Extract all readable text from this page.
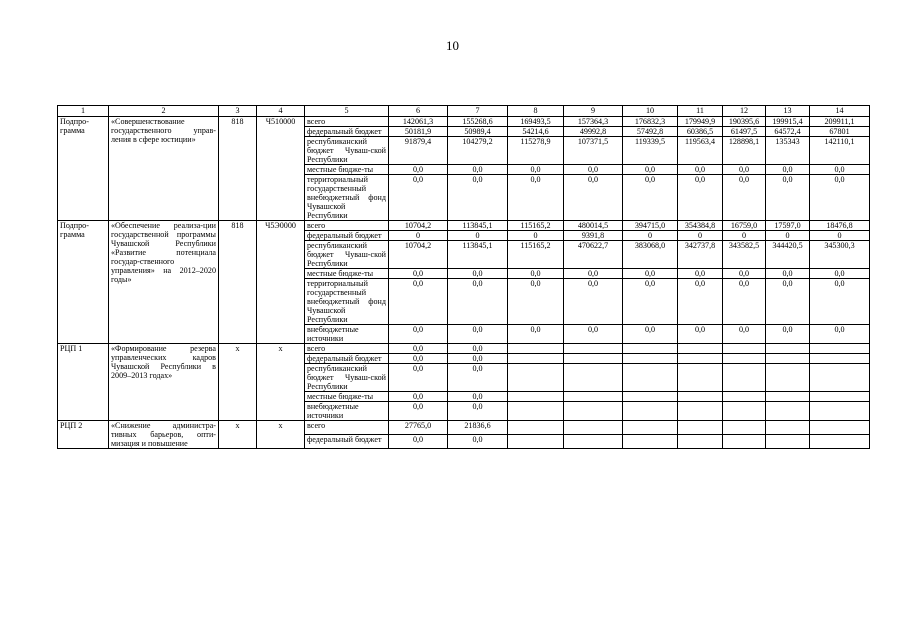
10
1	2	3	4	5	6	7	8	9	10	11	12	13	14
Подпро-грамма	«Совершенствование государственного управ-ления в сфере юстиции»	818	Ч510000	всего	142061,3	155268,6	169493,5	157364,3	176832,3	179949,9	190395,6	199915,4	209911,1
				федеральный бюджет	50181,9	50989,4	54214,6	49992,8	57492,8	60386,5	61497,5	64572,4	67801
				республиканский бюджет Чуваш-ской Республики	91879,4	104279,2	115278,9	107371,5	119339,5	119563,4	128898,1	135343	142110,1
				местные бюдже-ты	0,0	0,0	0,0	0,0	0,0	0,0	0,0	0,0	0,0
				территориальный государственный внебюджетный фонд Чувашской Республики	0,0	0,0	0,0	0,0	0,0	0,0	0,0	0,0	0,0
Подпро-грамма	«Обеспечение реализа-ции государственной программы Чувашской Республики «Развитие потенциала государ-ственного управления» на 2012–2020 годы»	818	Ч5Э0000	всего	10704,2	113845,1	115165,2	480014,5	394715,0	354384,8	16759,0	17597,0	18476,8
				федеральный бюджет	0	0	0	9391,8	0	0	0	0	0
				республиканский бюджет Чуваш-ской Республики	10704,2	113845,1	115165,2	470622,7	383068,0	342737,8	343582,5	344420,5	345300,3
				местные бюдже-ты	0,0	0,0	0,0	0,0	0,0	0,0	0,0	0,0	0,0
				территориальный государственный внебюджетный фонд Чувашской Республики	0,0	0,0	0,0	0,0	0,0	0,0	0,0	0,0	0,0
				внебюджетные источники	0,0	0,0	0,0	0,0	0,0	0,0	0,0	0,0	0,0
РЦП 1	«Формирование резерва управленческих кадров Чувашской Республики в 2009–2013 годах»	x	x	всего	0,0	0,0							
				федеральный бюджет	0,0	0,0							
				республиканский бюджет Чуваш-ской Республики	0,0	0,0							
				местные бюдже-ты	0,0	0,0							
				внебюджетные источники	0,0	0,0							
РЦП 2	«Снижение администра-тивных барьеров, опти-мизация и повышение	x	x	всего	27765,0	21836,6							
				федеральный бюджет	0,0	0,0							
